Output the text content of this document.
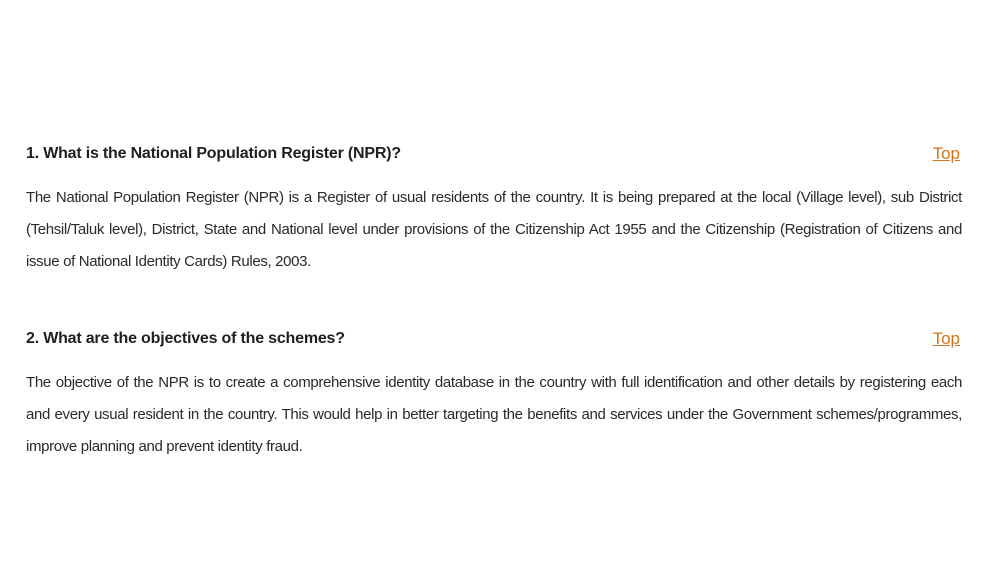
1. What is the National Population Register (NPR)?	Top

The National Population Register (NPR) is a Register of usual residents of the country. It is being prepared at the local (Village level), sub District (Tehsil/Taluk level), District, State and National level under provisions of the Citizenship Act 1955 and the Citizenship (Registration of Citizens and issue of National Identity Cards) Rules, 2003.

2. What are the objectives of the schemes?	Top

The objective of the NPR is to create a comprehensive identity database in the country with full identification and other details by registering each and every usual resident in the country. This would help in better targeting the benefits and services under the Government schemes/programmes, improve planning and prevent identity fraud.
